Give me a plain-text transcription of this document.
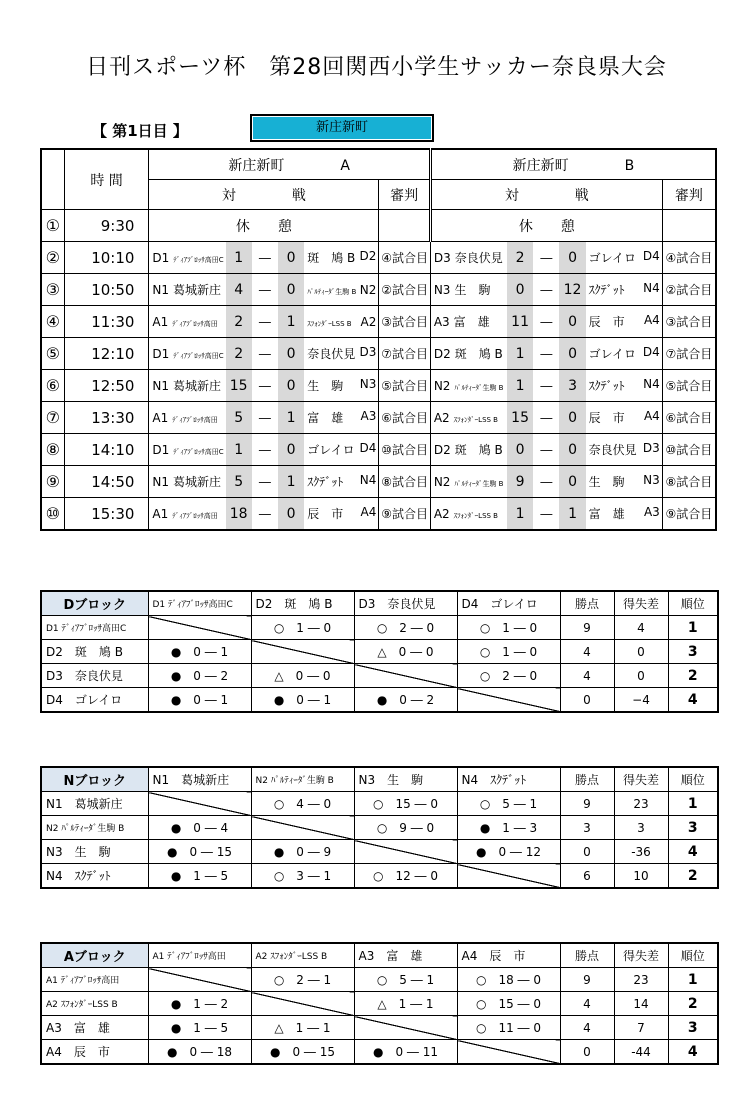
日刊スポーツ杯　第28回関西小学生サッカー奈良県大会
【 第1日目 】	新庄新町
	時 間	新庄新町　　　　A						新庄新町　　　　B					
		対　　　　戦					審判	対　　　　戦					審判
①	9:30	休　　憩						休　　憩					
②	10:10	D1 ﾃﾞｨｱﾌﾞﾛｯｻ高田C	1	―	0	斑　鳩 B D2	④試合目	D3 奈良伏見	2	―	0	ゴレイロ D4	④試合目
③	10:50	N1 葛城新庄	4	―	0	ﾊﾟﾙﾃｨｰﾀﾞ生駒 B N2	②試合目	N3 生　駒	0	―	12	ｽｸﾃﾞｯﾄ N4	②試合目
④	11:30	A1 ﾃﾞｨｱﾌﾞﾛｯｻ高田	2	―	1	ｽﾌｫﾝﾀﾞｰLSS B A2	③試合目	A3 富　雄	11	―	0	辰　市 A4	③試合目
⑤	12:10	D1 ﾃﾞｨｱﾌﾞﾛｯｻ高田C	2	―	0	奈良伏見 D3	⑦試合目	D2 斑　鳩 B	1	―	0	ゴレイロ D4	⑦試合目
⑥	12:50	N1 葛城新庄	15	―	0	生　駒 N3	⑤試合目	N2 ﾊﾟﾙﾃｨｰﾀﾞ生駒 B	1	―	3	ｽｸﾃﾞｯﾄ N4	⑤試合目
⑦	13:30	A1 ﾃﾞｨｱﾌﾞﾛｯｻ高田	5	―	1	富　雄 A3	⑥試合目	A2 ｽﾌｫﾝﾀﾞｰLSS B	15	―	0	辰　市 A4	⑥試合目
⑧	14:10	D1 ﾃﾞｨｱﾌﾞﾛｯｻ高田C	1	―	0	ゴレイロ D4	⑩試合目	D2 斑　鳩 B	0	―	0	奈良伏見 D3	⑩試合目
⑨	14:50	N1 葛城新庄	5	―	1	ｽｸﾃﾞｯﾄ N4	⑧試合目	N2 ﾊﾟﾙﾃｨｰﾀﾞ生駒 B	9	―	0	生　駒 N3	⑧試合目
⑩	15:30	A1 ﾃﾞｨｱﾌﾞﾛｯｻ高田	18	―	0	辰　市 A4	⑨試合目	A2 ｽﾌｫﾝﾀﾞｰLSS B	1	―	1	富　雄 A3	⑨試合目
Dブロック	D1 ﾃﾞｨｱﾌﾞﾛｯｻ高田C	D2　斑　鳩 B	D3　奈良伏見	D4　ゴレイロ	勝点	得失差	順位
D1 ﾃﾞｨｱﾌﾞﾛｯｻ高田C		○　1 ― 0	○　2 ― 0	○　1 ― 0	9	4	1
D2　斑　鳩 B	●　0 ― 1		△　0 ― 0	○　1 ― 0	4	0	3
D3　奈良伏見	●　0 ― 2	△　0 ― 0		○　2 ― 0	4	0	2
D4　ゴレイロ	●　0 ― 1	●　0 ― 1	●　0 ― 2		0	−4	4
Nブロック	N1　葛城新庄	N2 ﾊﾟﾙﾃｨｰﾀﾞ生駒 B	N3　生　駒	N4　ｽｸﾃﾞｯﾄ	勝点	得失差	順位
N1　葛城新庄		○　4 ― 0	○　15 ― 0	○　5 ― 1	9	23	1
N2 ﾊﾟﾙﾃｨｰﾀﾞ生駒 B	●　0 ― 4		○　9 ― 0	●　1 ― 3	3	3	3
N3　生　駒	●　0 ― 15	●　0 ― 9		●　0 ― 12	0	-36	4
N4　ｽｸﾃﾞｯﾄ	●　1 ― 5	○　3 ― 1	○　12 ― 0		6	10	2
Aブロック	A1 ﾃﾞｨｱﾌﾞﾛｯｻ高田	A2 ｽﾌｫﾝﾀﾞｰLSS B	A3　富　雄	A4　辰　市	勝点	得失差	順位
A1 ﾃﾞｨｱﾌﾞﾛｯｻ高田		○　2 ― 1	○　5 ― 1	○　18 ― 0	9	23	1
A2 ｽﾌｫﾝﾀﾞｰLSS B	●　1 ― 2		△　1 ― 1	○　15 ― 0	4	14	2
A3　富　雄	●　1 ― 5	△　1 ― 1		○　11 ― 0	4	7	3
A4　辰　市	●　0 ― 18	●　0 ― 15	●　0 ― 11		0	-44	4
